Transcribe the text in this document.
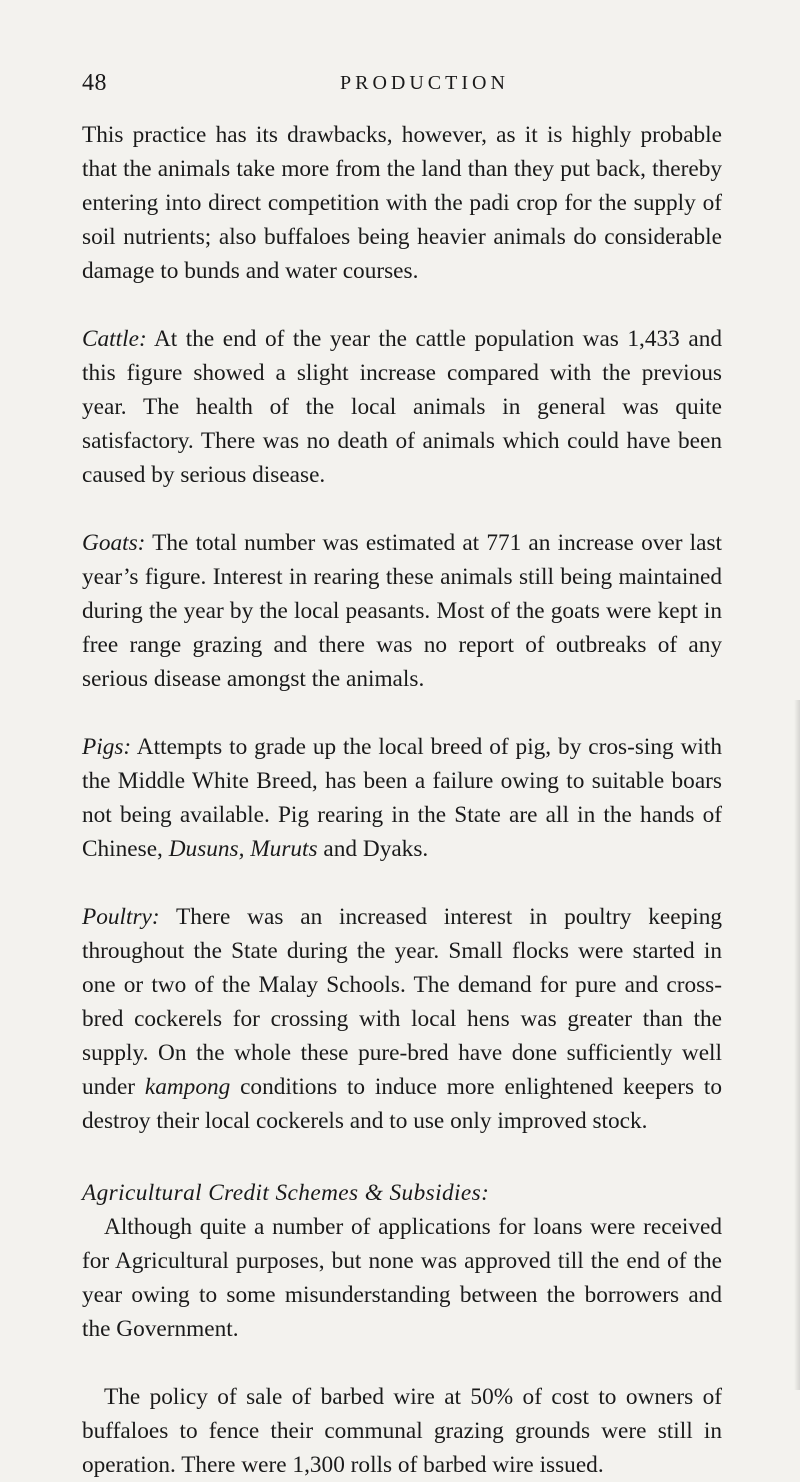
48	PRODUCTION

This practice has its drawbacks, however, as it is highly probable that the animals take more from the land than they put back, thereby entering into direct competition with the padi crop for the supply of soil nutrients; also buffaloes being heavier animals do considerable damage to bunds and water courses.

Cattle: At the end of the year the cattle population was 1,433 and this figure showed a slight increase compared with the previous year. The health of the local animals in general was quite satisfactory. There was no death of animals which could have been caused by serious disease.

Goats: The total number was estimated at 771 an increase over last year’s figure. Interest in rearing these animals still being maintained during the year by the local peasants. Most of the goats were kept in free range grazing and there was no report of outbreaks of any serious disease amongst the animals.

Pigs: Attempts to grade up the local breed of pig, by cros-sing with the Middle White Breed, has been a failure owing to suitable boars not being available. Pig rearing in the State are all in the hands of Chinese, Dusuns, Muruts and Dyaks.

Poultry: There was an increased interest in poultry keeping throughout the State during the year. Small flocks were started in one or two of the Malay Schools. The demand for pure and cross-bred cockerels for crossing with local hens was greater than the supply. On the whole these pure-bred have done sufficiently well under kampong conditions to induce more enlightened keepers to destroy their local cockerels and to use only improved stock.

Agricultural Credit Schemes & Subsidies:

Although quite a number of applications for loans were received for Agricultural purposes, but none was approved till the end of the year owing to some misunderstanding between the borrowers and the Government.

The policy of sale of barbed wire at 50% of cost to owners of buffaloes to fence their communal grazing grounds were still in operation. There were 1,300 rolls of barbed wire issued.
